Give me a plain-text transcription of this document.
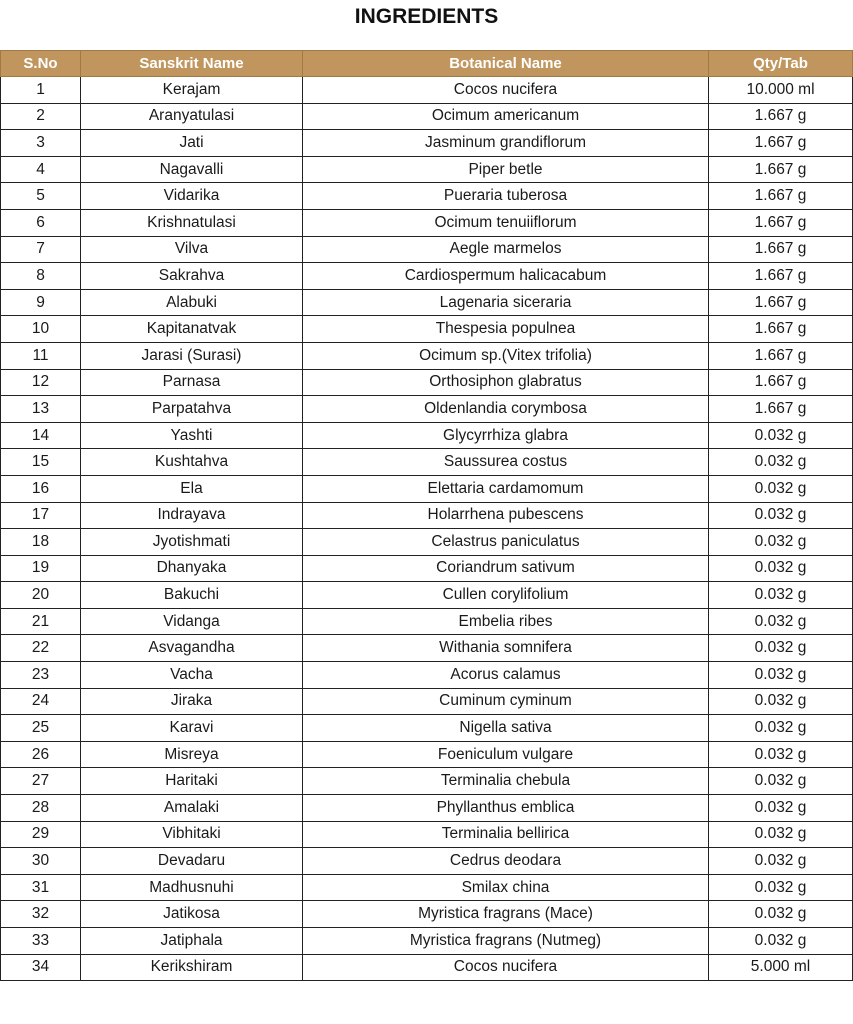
INGREDIENTS
S.No	Sanskrit Name	Botanical Name	Qty/Tab
1	Kerajam	Cocos nucifera	10.000 ml
2	Aranyatulasi	Ocimum americanum	1.667 g
3	Jati	Jasminum grandiflorum	1.667 g
4	Nagavalli	Piper betle	1.667 g
5	Vidarika	Pueraria tuberosa	1.667 g
6	Krishnatulasi	Ocimum tenuiiflorum	1.667 g
7	Vilva	Aegle marmelos	1.667 g
8	Sakrahva	Cardiospermum halicacabum	1.667 g
9	Alabuki	Lagenaria siceraria	1.667 g
10	Kapitanatvak	Thespesia populnea	1.667 g
11	Jarasi (Surasi)	Ocimum sp.(Vitex trifolia)	1.667 g
12	Parnasa	Orthosiphon glabratus	1.667 g
13	Parpatahva	Oldenlandia corymbosa	1.667 g
14	Yashti	Glycyrrhiza glabra	0.032 g
15	Kushtahva	Saussurea costus	0.032 g
16	Ela	Elettaria cardamomum	0.032 g
17	Indrayava	Holarrhena pubescens	0.032 g
18	Jyotishmati	Celastrus paniculatus	0.032 g
19	Dhanyaka	Coriandrum sativum	0.032 g
20	Bakuchi	Cullen corylifolium	0.032 g
21	Vidanga	Embelia ribes	0.032 g
22	Asvagandha	Withania somnifera	0.032 g
23	Vacha	Acorus calamus	0.032 g
24	Jiraka	Cuminum cyminum	0.032 g
25	Karavi	Nigella sativa	0.032 g
26	Misreya	Foeniculum vulgare	0.032 g
27	Haritaki	Terminalia chebula	0.032 g
28	Amalaki	Phyllanthus emblica	0.032 g
29	Vibhitaki	Terminalia bellirica	0.032 g
30	Devadaru	Cedrus deodara	0.032 g
31	Madhusnuhi	Smilax china	0.032 g
32	Jatikosa	Myristica fragrans (Mace)	0.032 g
33	Jatiphala	Myristica fragrans (Nutmeg)	0.032 g
34	Kerikshiram	Cocos nucifera	5.000 ml
